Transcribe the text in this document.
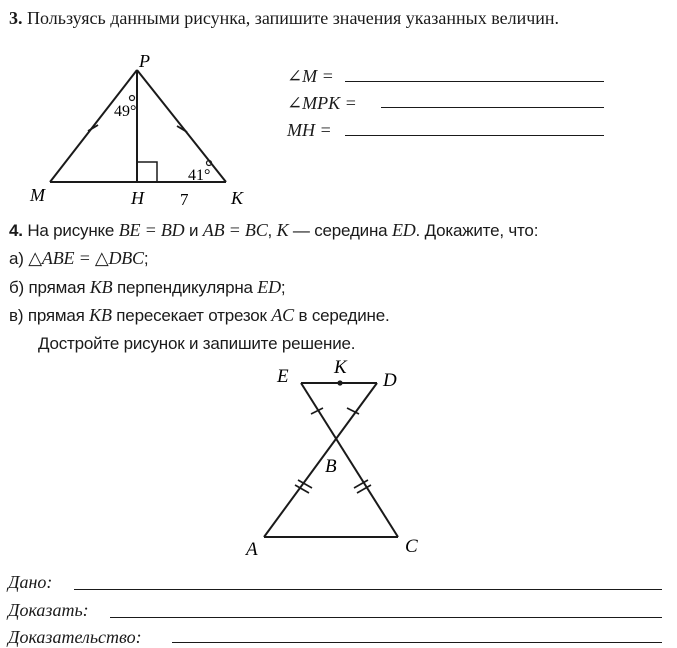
3. Пользуясь данными рисунка, запишите значения указанных величин.
P
M	H	K
49°
41°
7
∠M =
∠MPK =
MH =
4. На рисунке BE = BD и AB = BC, K — середина ED. Докажите, что:
а) △ABE = △DBC;
б) прямая KB перпендикулярна ED;
в) прямая KB пересекает отрезок AC в середине.
Достройте рисунок и запишите решение.
E K
D
B
A	C
Дано:
Доказать:
Доказательство:
